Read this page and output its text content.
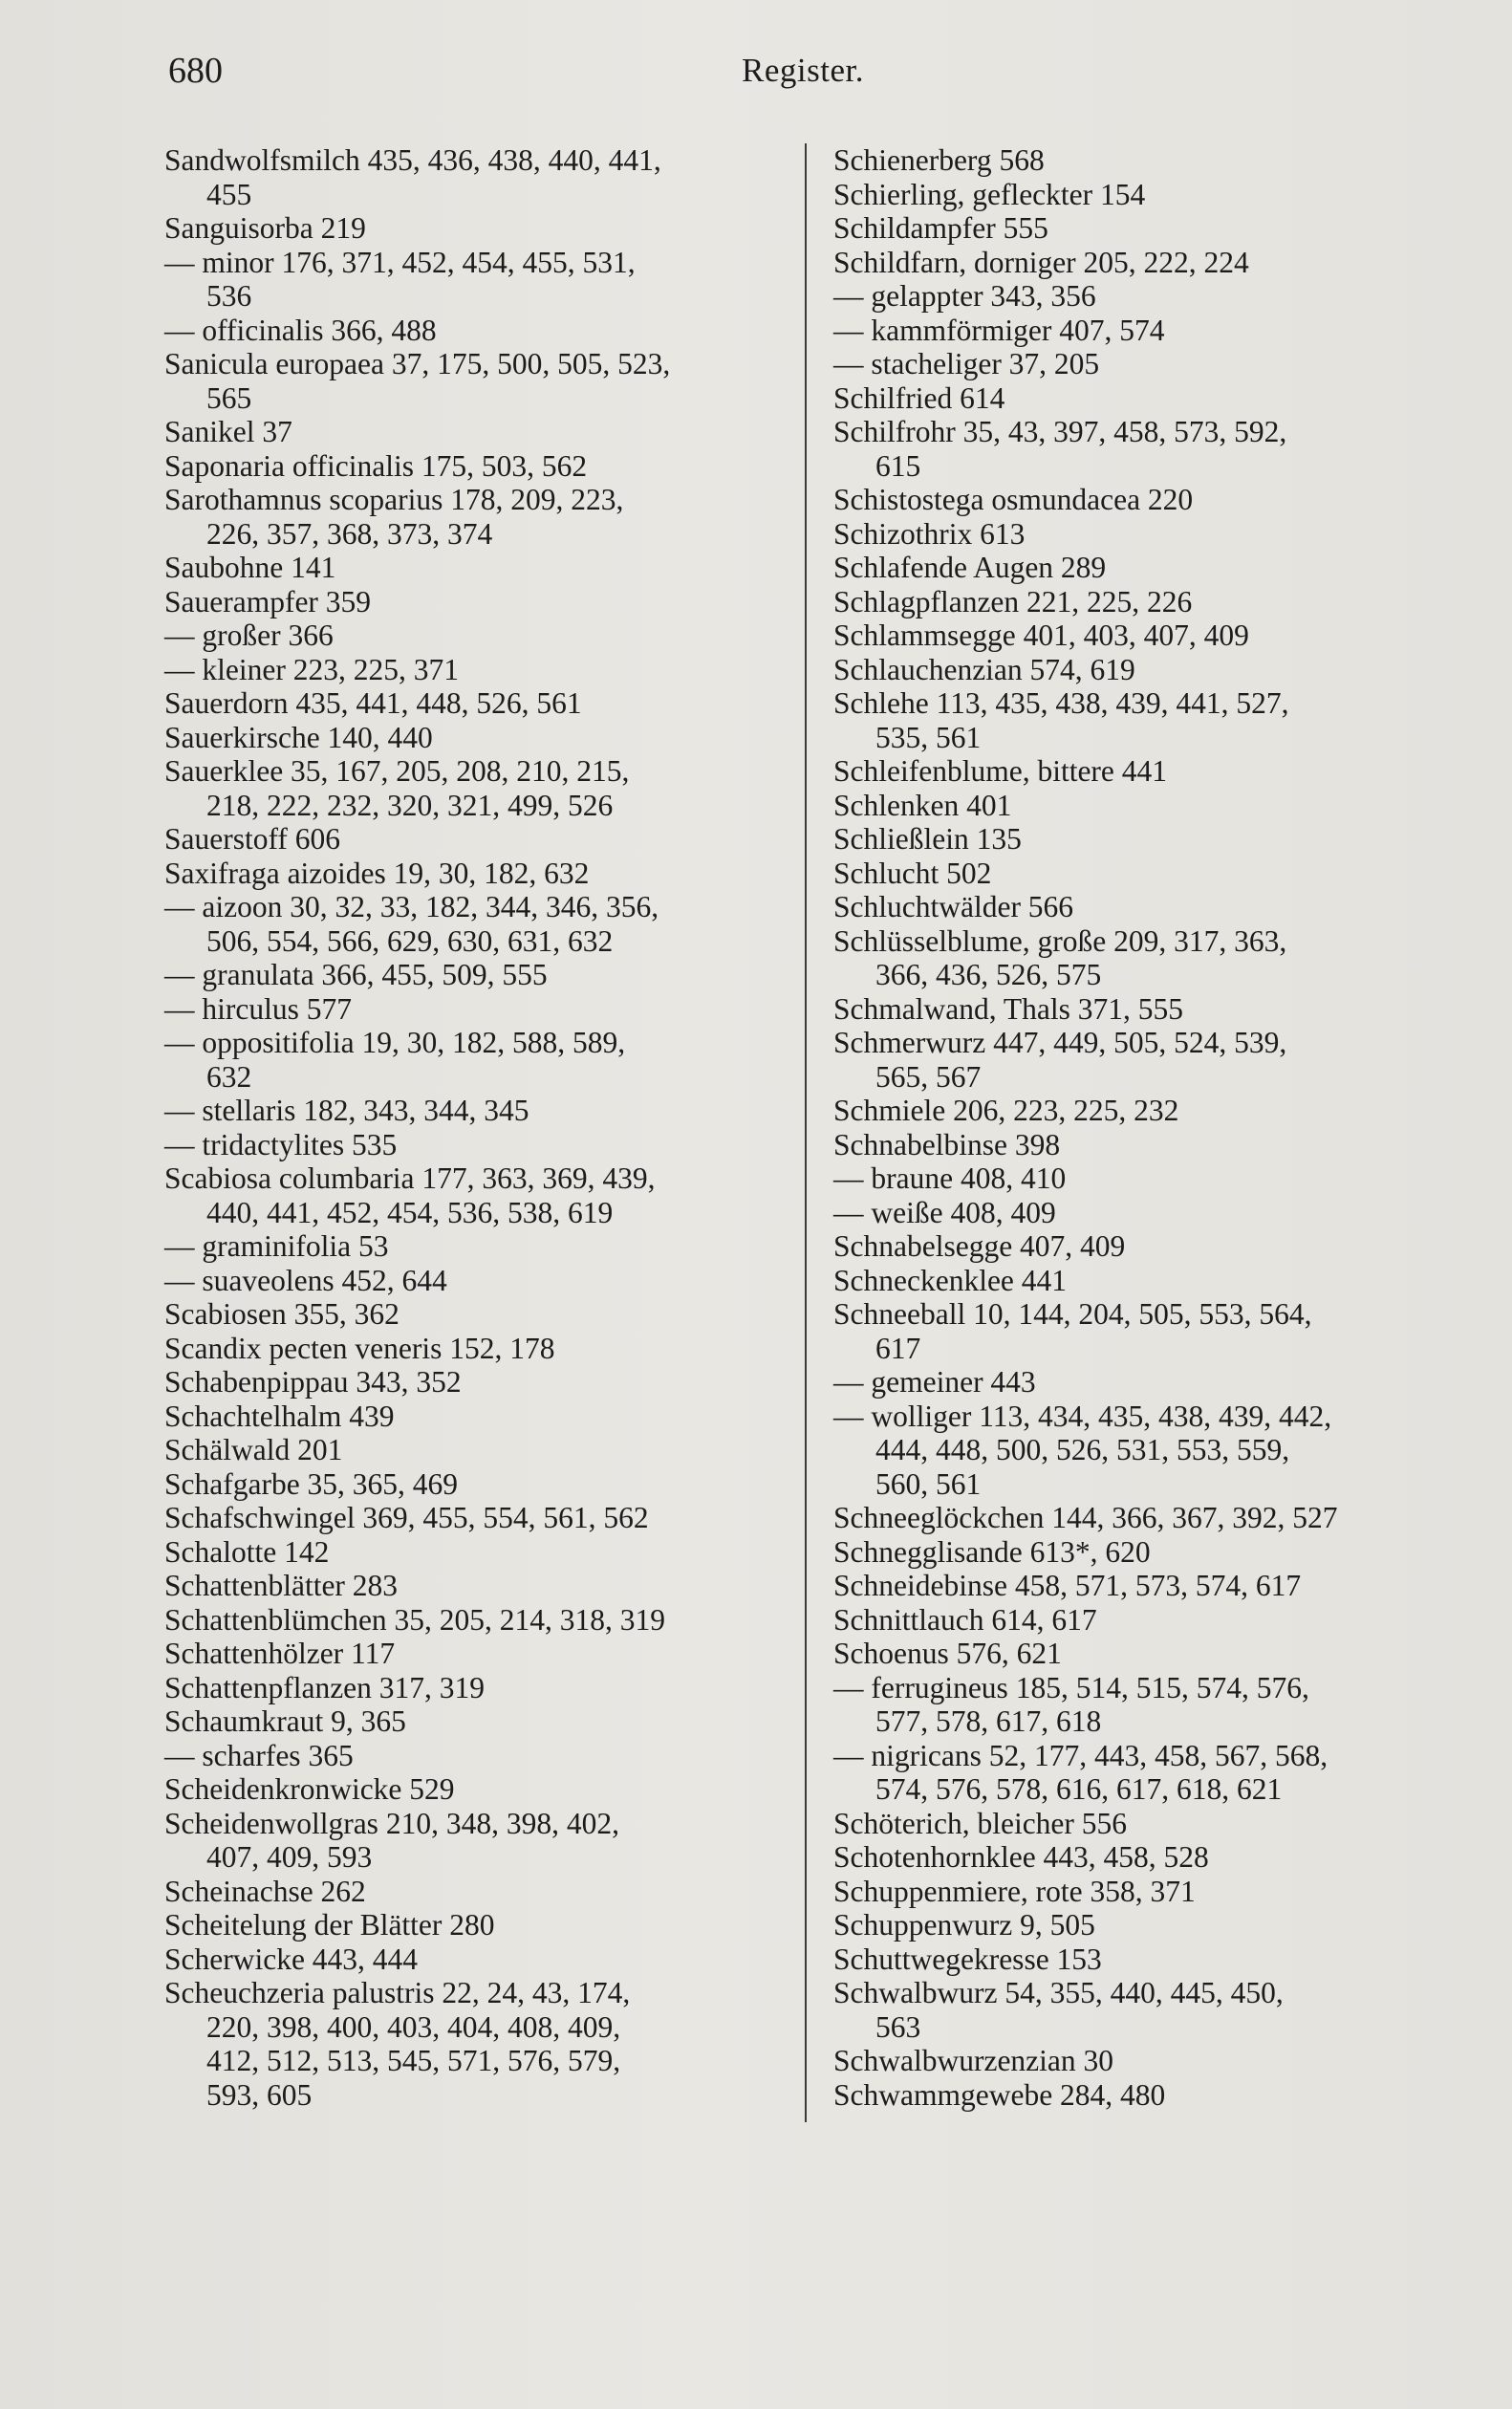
680	Register.
Sandwolfsmilch 435, 436, 438, 440, 441,
455
Sanguisorba 219
— minor 176, 371, 452, 454, 455, 531,
536
— officinalis 366, 488
Sanicula europaea 37, 175, 500, 505, 523,
565
Sanikel 37
Saponaria officinalis 175, 503, 562
Sarothamnus scoparius 178, 209, 223,
226, 357, 368, 373, 374
Saubohne 141
Sauerampfer 359
— großer 366
— kleiner 223, 225, 371
Sauerdorn 435, 441, 448, 526, 561
Sauerkirsche 140, 440
Sauerklee 35, 167, 205, 208, 210, 215,
218, 222, 232, 320, 321, 499, 526
Sauerstoff 606
Saxifraga aizoides 19, 30, 182, 632
— aizoon 30, 32, 33, 182, 344, 346, 356,
506, 554, 566, 629, 630, 631, 632
— granulata 366, 455, 509, 555
— hirculus 577
— oppositifolia 19, 30, 182, 588, 589,
632
— stellaris 182, 343, 344, 345
— tridactylites 535
Scabiosa columbaria 177, 363, 369, 439,
440, 441, 452, 454, 536, 538, 619
— graminifolia 53
— suaveolens 452, 644
Scabiosen 355, 362
Scandix pecten veneris 152, 178
Schabenpippau 343, 352
Schachtelhalm 439
Schälwald 201
Schafgarbe 35, 365, 469
Schafschwingel 369, 455, 554, 561, 562
Schalotte 142
Schattenblätter 283
Schattenblümchen 35, 205, 214, 318, 319
Schattenhölzer 117
Schattenpflanzen 317, 319
Schaumkraut 9, 365
— scharfes 365
Scheidenkronwicke 529
Scheidenwollgras 210, 348, 398, 402,
407, 409, 593
Scheinachse 262
Scheitelung der Blätter 280
Scherwicke 443, 444
Scheuchzeria palustris 22, 24, 43, 174,
220, 398, 400, 403, 404, 408, 409,
412, 512, 513, 545, 571, 576, 579,
593, 605
Schienerberg 568
Schierling, gefleckter 154
Schildampfer 555
Schildfarn, dorniger 205, 222, 224
— gelappter 343, 356
— kammförmiger 407, 574
— stacheliger 37, 205
Schilfried 614
Schilfrohr 35, 43, 397, 458, 573, 592,
615
Schistostega osmundacea 220
Schizothrix 613
Schlafende Augen 289
Schlagpflanzen 221, 225, 226
Schlammsegge 401, 403, 407, 409
Schlauchenzian 574, 619
Schlehe 113, 435, 438, 439, 441, 527,
535, 561
Schleifenblume, bittere 441
Schlenken 401
Schließlein 135
Schlucht 502
Schluchtwälder 566
Schlüsselblume, große 209, 317, 363,
366, 436, 526, 575
Schmalwand, Thals 371, 555
Schmerwurz 447, 449, 505, 524, 539,
565, 567
Schmiele 206, 223, 225, 232
Schnabelbinse 398
— braune 408, 410
— weiße 408, 409
Schnabelsegge 407, 409
Schneckenklee 441
Schneeball 10, 144, 204, 505, 553, 564,
617
— gemeiner 443
— wolliger 113, 434, 435, 438, 439, 442,
444, 448, 500, 526, 531, 553, 559,
560, 561
Schneeglöckchen 144, 366, 367, 392, 527
Schnegglisande 613*, 620
Schneidebinse 458, 571, 573, 574, 617
Schnittlauch 614, 617
Schoenus 576, 621
— ferrugineus 185, 514, 515, 574, 576,
577, 578, 617, 618
— nigricans 52, 177, 443, 458, 567, 568,
574, 576, 578, 616, 617, 618, 621
Schöterich, bleicher 556
Schotenhornklee 443, 458, 528
Schuppenmiere, rote 358, 371
Schuppenwurz 9, 505
Schuttwegekresse 153
Schwalbwurz 54, 355, 440, 445, 450,
563
Schwalbwurzenzian 30
Schwammgewebe 284, 480
